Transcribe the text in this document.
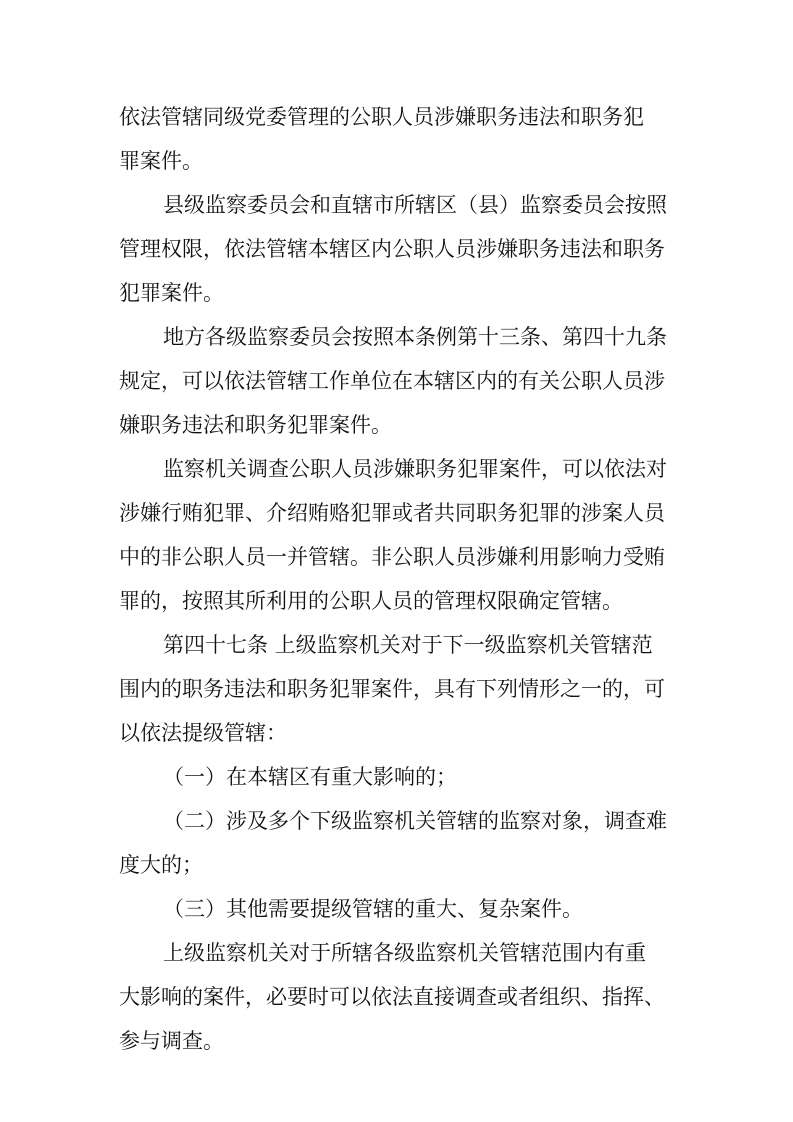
依法管辖同级党委管理的公职人员涉嫌职务违法和职务犯
罪案件。
县级监察委员会和直辖市所辖区（县）监察委员会按照
管理权限，依法管辖本辖区内公职人员涉嫌职务违法和职务
犯罪案件。
地方各级监察委员会按照本条例第十三条、第四十九条
规定，可以依法管辖工作单位在本辖区内的有关公职人员涉
嫌职务违法和职务犯罪案件。
监察机关调查公职人员涉嫌职务犯罪案件，可以依法对
涉嫌行贿犯罪、介绍贿赂犯罪或者共同职务犯罪的涉案人员
中的非公职人员一并管辖。非公职人员涉嫌利用影响力受贿
罪的，按照其所利用的公职人员的管理权限确定管辖。
第四十七条 上级监察机关对于下一级监察机关管辖范
围内的职务违法和职务犯罪案件，具有下列情形之一的，可
以依法提级管辖：
（一）在本辖区有重大影响的；
（二）涉及多个下级监察机关管辖的监察对象，调查难
度大的；
（三）其他需要提级管辖的重大、复杂案件。
上级监察机关对于所辖各级监察机关管辖范围内有重
大影响的案件，必要时可以依法直接调查或者组织、指挥、
参与调查。
